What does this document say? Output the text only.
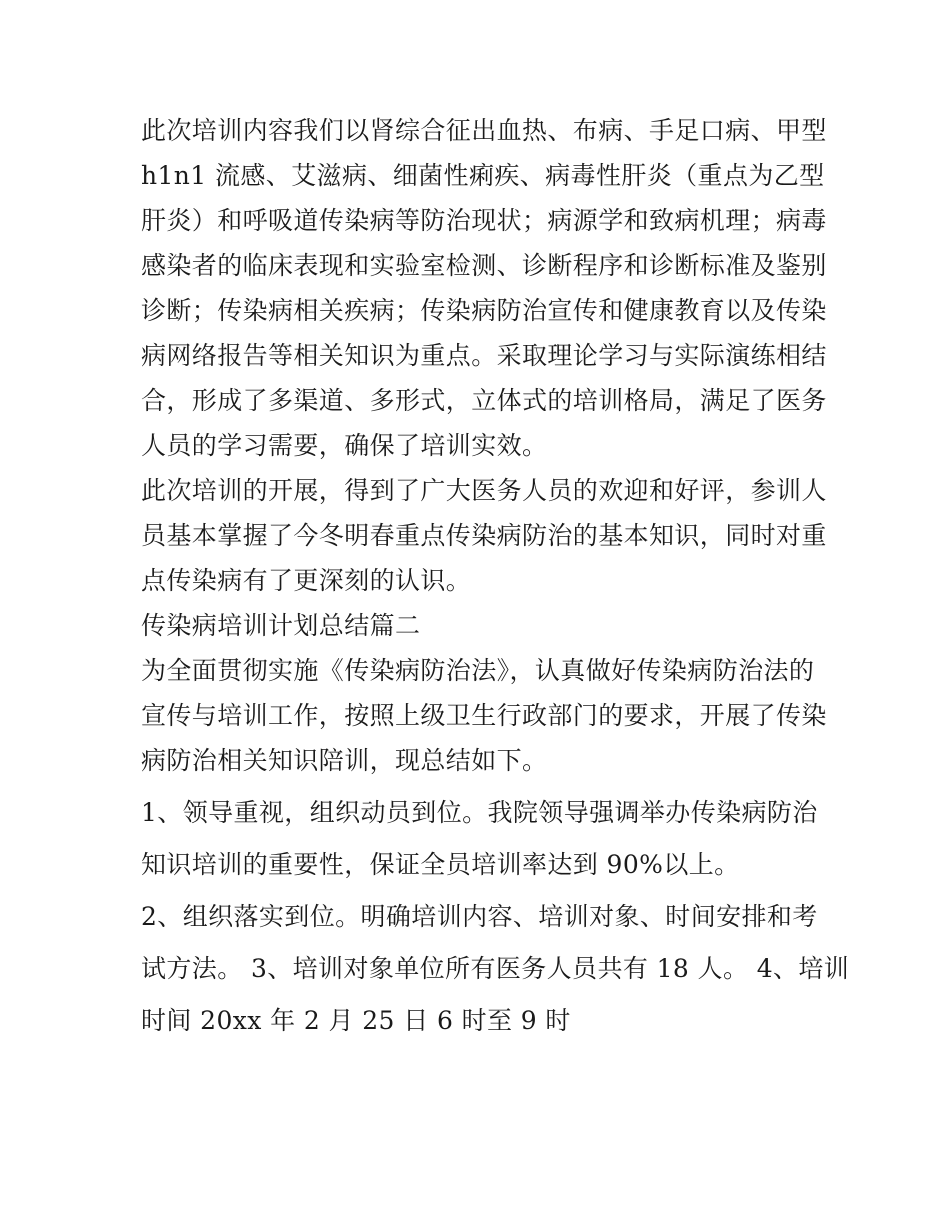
此次培训内容我们以肾综合征出血热、布病、手足口病、甲型
h1n1 流感、艾滋病、细菌性痢疾、病毒性肝炎（重点为乙型
肝炎）和呼吸道传染病等防治现状；病源学和致病机理；病毒
感染者的临床表现和实验室检测、诊断程序和诊断标准及鉴别
诊断；传染病相关疾病；传染病防治宣传和健康教育以及传染
病网络报告等相关知识为重点。采取理论学习与实际演练相结
合，形成了多渠道、多形式，立体式的培训格局，满足了医务
人员的学习需要，确保了培训实效。
此次培训的开展，得到了广大医务人员的欢迎和好评，参训人
员基本掌握了今冬明春重点传染病防治的基本知识，同时对重
点传染病有了更深刻的认识。
传染病培训计划总结篇二
为全面贯彻实施《传染病防治法》，认真做好传染病防治法的
宣传与培训工作，按照上级卫生行政部门的要求，开展了传染
病防治相关知识陪训，现总结如下。
1、领导重视，组织动员到位。我院领导强调举办传染病防治
知识培训的重要性，保证全员培训率达到 90%以上。
2、组织落实到位。明确培训内容、培训对象、时间安排和考
试方法。 3、培训对象单位所有医务人员共有 18 人。 4、培训
时间 20xx 年 2 月 25 日 6 时至 9 时
